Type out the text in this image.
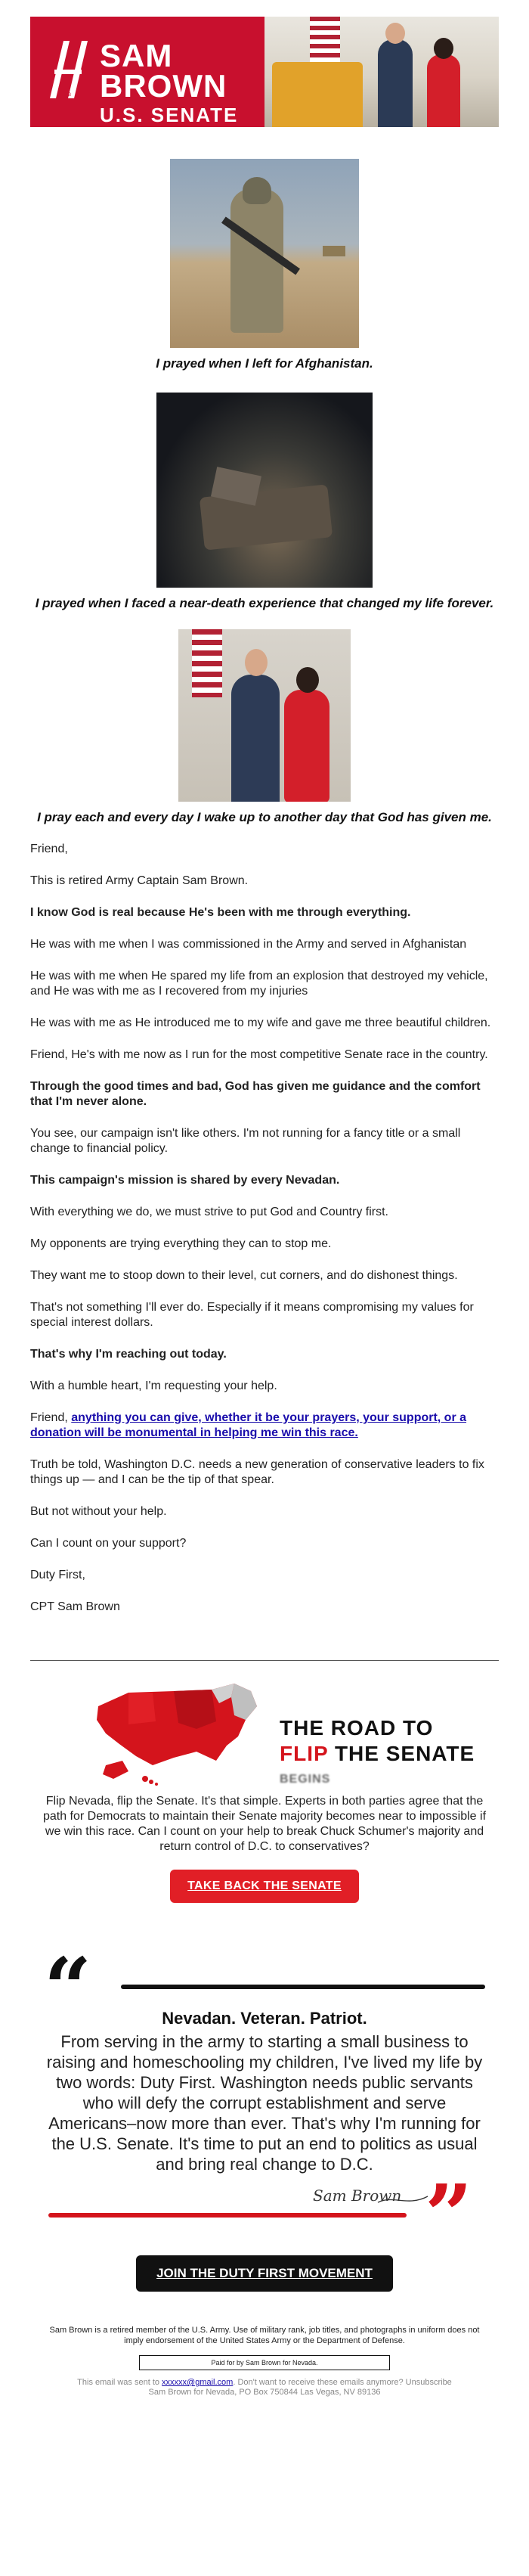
SB
SAM
BROWN
U.S. SENATE

I prayed when I left for Afghanistan.

I prayed when I faced a near-death experience that changed my life forever.

I pray each and every day I wake up to another day that God has given me.

Friend,

This is retired Army Captain Sam Brown.

I know God is real because He's been with me through everything.

He was with me when I was commissioned in the Army and served in Afghanistan

He was with me when He spared my life from an explosion that destroyed my vehicle, and He was with me as I recovered from my injuries

He was with me as He introduced me to my wife and gave me three beautiful children.

Friend, He's with me now as I run for the most competitive Senate race in the country.

Through the good times and bad, God has given me guidance and the comfort that I'm never alone.

You see, our campaign isn't like others. I'm not running for a fancy title or a small change to financial policy.

This campaign's mission is shared by every Nevadan.

With everything we do, we must strive to put God and Country first.

My opponents are trying everything they can to stop me.

They want me to stoop down to their level, cut corners, and do dishonest things.

That's not something I'll ever do. Especially if it means compromising my values for special interest dollars.

That's why I'm reaching out today.

With a humble heart, I'm requesting your help.

Friend, anything you can give, whether it be your prayers, your support, or a donation will be monumental in helping me win this race.

Truth be told, Washington D.C. needs a new generation of conservative leaders to fix things up — and I can be the tip of that spear.

But not without your help.

Can I count on your support?

Duty First,

CPT Sam Brown

THE ROAD TO
FLIP THE SENATE
BEGINS

Flip Nevada, flip the Senate. It's that simple. Experts in both parties agree that the path for Democrats to maintain their Senate majority becomes near to impossible if we win this race. Can I count on your help to break Chuck Schumer's majority and return control of D.C. to conservatives?

TAKE BACK THE SENATE
“	Nevadan. Veteran. Patriot.
From serving in the army to starting a small business to raising and homeschooling my children, I've lived my life by two words: Duty First. Washington needs public servants who will defy the corrupt establishment and serve Americans–now more than ever. That's why I'm running for the U.S. Senate. It's time to put an end to politics as usual and bring real change to D.C.
Sam Brown ”
JOIN THE DUTY FIRST MOVEMENT

Sam Brown is a retired member of the U.S. Army. Use of military rank, job titles, and photographs in uniform does not imply endorsement of the United States Army or the Department of Defense.

Paid for by Sam Brown for Nevada.
This email was sent to xxxxxx@gmail.com. Don't want to receive these emails anymore? Unsubscribe
Sam Brown for Nevada, PO Box 750844 Las Vegas, NV 89136
